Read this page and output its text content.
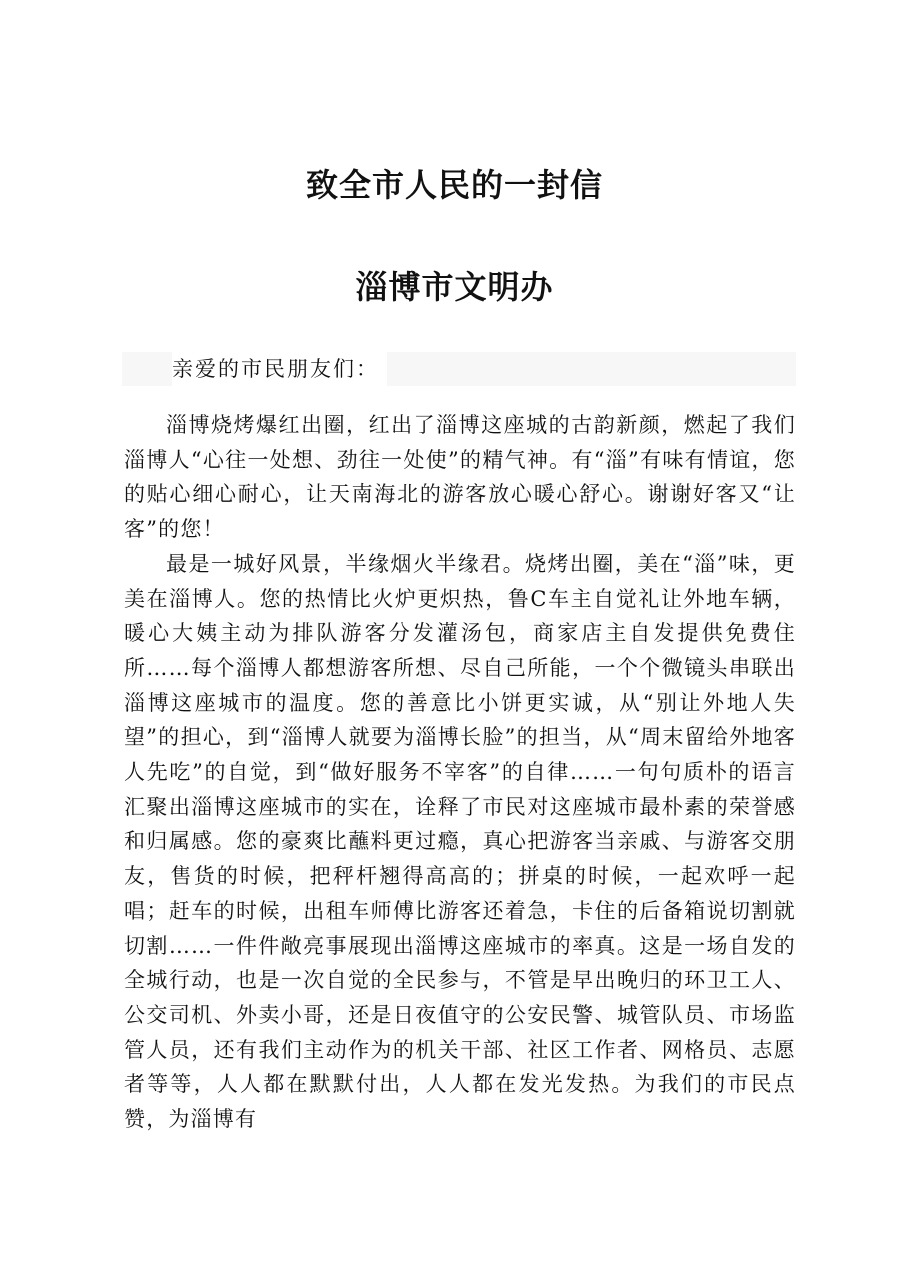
致全市人民的一封信
淄博市文明办
亲爱的市民朋友们：

淄博烧烤爆红出圈，红出了淄博这座城的古韵新颜，燃起了我们淄博人“心往一处想、劲往一处使”的精气神。有“淄”有味有情谊，您的贴心细心耐心，让天南海北的游客放心暖心舒心。谢谢好客又“让客”的您！

最是一城好风景，半缘烟火半缘君。烧烤出圈，美在“淄”味，更美在淄博人。您的热情比火炉更炽热，鲁C车主自觉礼让外地车辆，暖心大姨主动为排队游客分发灌汤包，商家店主自发提供免费住所……每个淄博人都想游客所想、尽自己所能，一个个微镜头串联出淄博这座城市的温度。您的善意比小饼更实诚，从“别让外地人失望”的担心，到“淄博人就要为淄博长脸”的担当，从“周末留给外地客人先吃”的自觉，到“做好服务不宰客”的自律……一句句质朴的语言汇聚出淄博这座城市的实在，诠释了市民对这座城市最朴素的荣誉感和归属感。您的豪爽比蘸料更过瘾，真心把游客当亲戚、与游客交朋友，售货的时候，把秤杆翘得高高的；拼桌的时候，一起欢呼一起唱；赶车的时候，出租车师傅比游客还着急，卡住的后备箱说切割就切割……一件件敞亮事展现出淄博这座城市的率真。这是一场自发的全城行动，也是一次自觉的全民参与，不管是早出晚归的环卫工人、公交司机、外卖小哥，还是日夜值守的公安民警、城管队员、市场监管人员，还有我们主动作为的机关干部、社区工作者、网格员、志愿者等等，人人都在默默付出，人人都在发光发热。为我们的市民点赞，为淄博有
